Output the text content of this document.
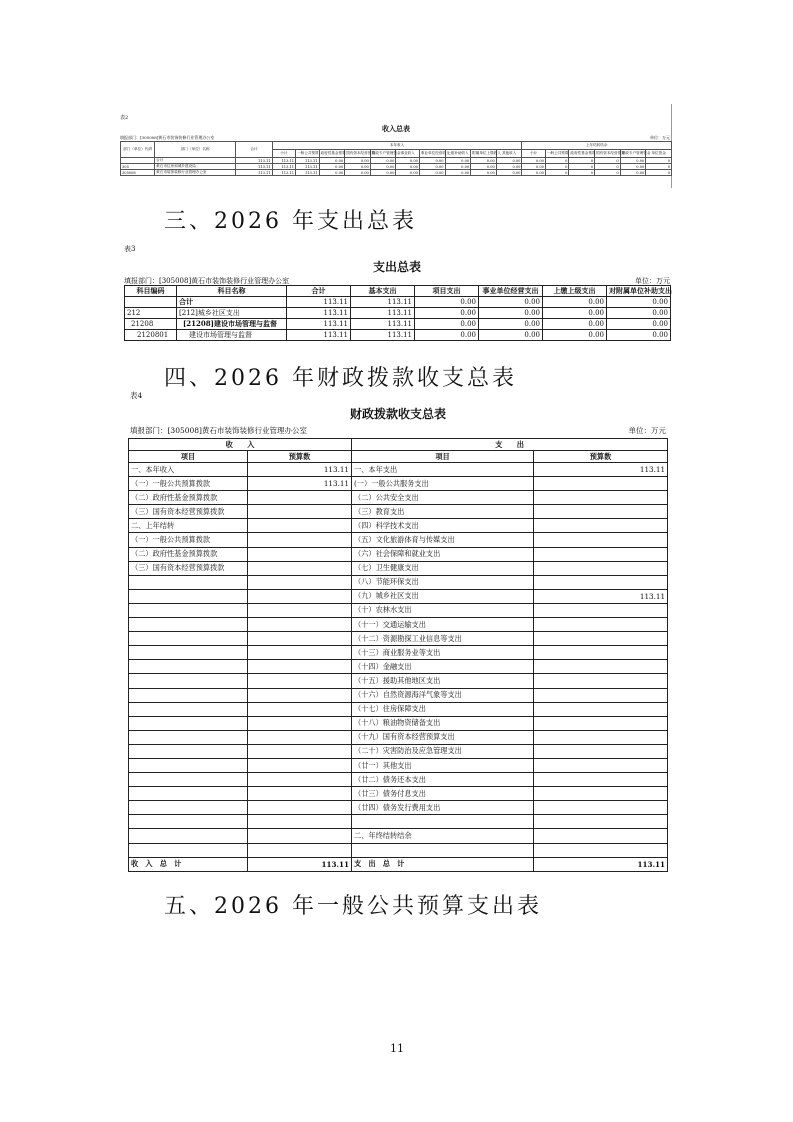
表2
收入总表
填报部门：[305008]黄石市装饰装修行业管理办公室	单位：万元
部门（单位）代码	部门（单位）名称	合计	本年收入										上年结转结余					
			小计	一般公共预算	政府性基金预算	国有资本经营预算	财政专户管理资金	事业收入	事业单位经营收入	上级补助收入	附属单位上缴收入	其他收入	小计	一般公共预算	政府性基金预算	国有资本经营预算	财政专户管理资金	单位资金
	合计	113.11	113.11	113.11	0.00	0.00	0.00	0.00	0.00	0.00	0.00	0.00	0.00	0	0	0	0.00	0
305	黄石市住房和城乡建设局	113.11	113.11	113.11	0.00	0.00	0.00	0.00	0.00	0.00	0.00	0.00	0.00	0	0	0	0.00	0
305008	黄石市装饰装修行业管理办公室	113.11	113.11	113.11	0.00	0.00	0.00	0.00	0.00	0.00	0.00	0.00	0.00	0	0	0	0.00	0
三、2026 年支出总表
表3
支出总表
填报部门：[305008]黄石市装饰装修行业管理办公室	单位：万元
科目编码	科目名称	合计	基本支出	项目支出	事业单位经营支出	上缴上级支出	对附属单位补助支出
	合计	113.11	113.11	0.00	0.00	0.00	0.00
212	[212]城乡社区支出	113.11	113.11	0.00	0.00	0.00	0.00
21208	[21208]建设市场管理与监督	113.11	113.11	0.00	0.00	0.00	0.00
2120801	建设市场管理与监督	113.11	113.11	0.00	0.00	0.00	0.00
四、2026 年财政拨款收支总表
表4
财政拨款收支总表
填报部门：[305008]黄石市装饰装修行业管理办公室	单位：万元
收　　入		支　　出	
项目	预算数	项目	预算数
一、本年收入	113.11	一、本年支出	113.11
（一）一般公共预算拨款	113.11	(一）一般公共服务支出	
（二）政府性基金预算拨款		（二）公共安全支出	
（三）国有资本经营预算拨款		（三）教育支出	
二、上年结转		（四）科学技术支出	
（一）一般公共预算拨款		（五）文化旅游体育与传媒支出	
（二）政府性基金预算拨款		（六）社会保障和就业支出	
（三）国有资本经营预算拨款		（七）卫生健康支出	
		（八）节能环保支出	
		（九）城乡社区支出	113.11
		（十）农林水支出	
		（十一）交通运输支出	
		（十二）资源勘探工业信息等支出	
		（十三）商业服务业等支出	
		（十四）金融支出	
		（十五）援助其他地区支出	
		（十六）自然资源海洋气象等支出	
		（十七）住房保障支出	
		（十八）粮油物资储备支出	
		（十九）国有资本经营预算支出	
		（二十）灾害防治及应急管理支出	
		（廿一）其他支出	
		（廿二）债务还本支出	
		（廿三）债务付息支出	
		（廿四）债务发行费用支出	

		二、年终结转结余	

收　入　总　计	113.11	支　出　总　计	113.11
五、2026 年一般公共预算支出表
11
